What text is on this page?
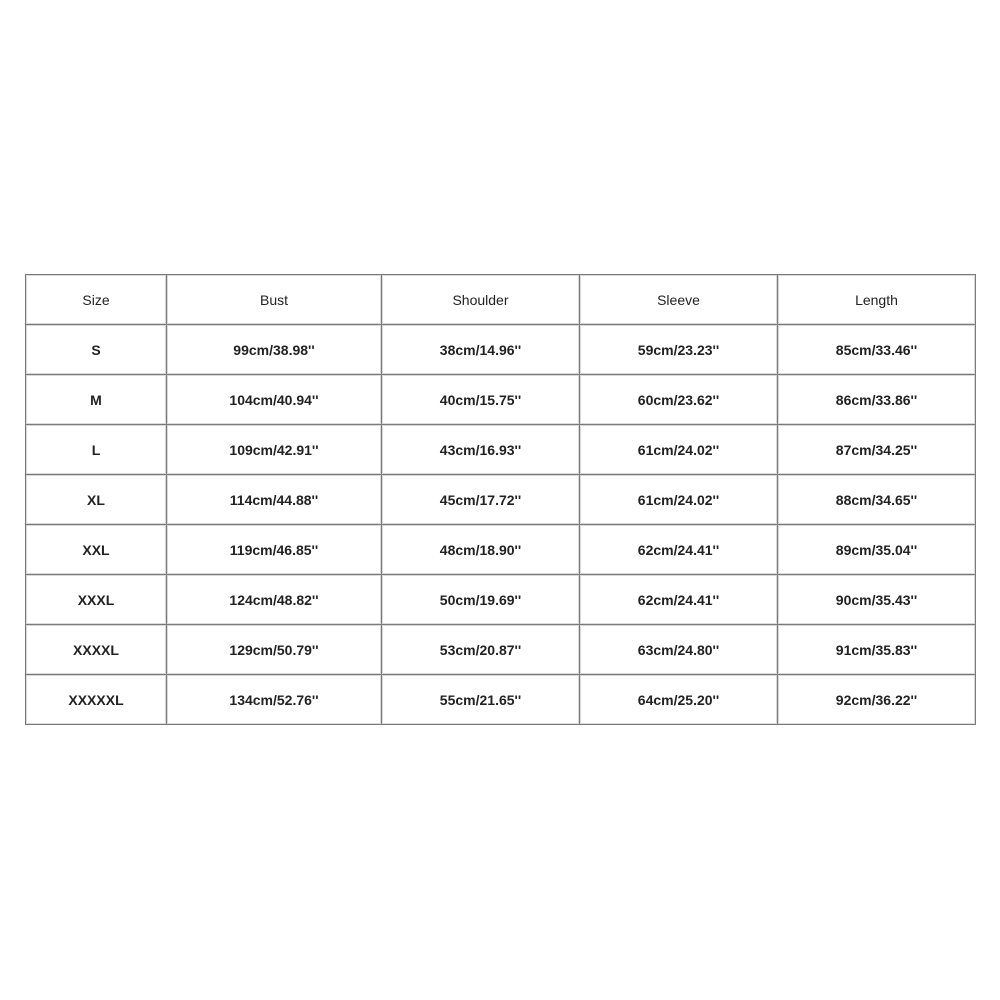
Size	Bust	Shoulder	Sleeve	Length
S	99cm/38.98''	38cm/14.96''	59cm/23.23''	85cm/33.46''
M	104cm/40.94''	40cm/15.75''	60cm/23.62''	86cm/33.86''
L	109cm/42.91''	43cm/16.93''	61cm/24.02''	87cm/34.25''
XL	114cm/44.88''	45cm/17.72''	61cm/24.02''	88cm/34.65''
XXL	119cm/46.85''	48cm/18.90''	62cm/24.41''	89cm/35.04''
XXXL	124cm/48.82''	50cm/19.69''	62cm/24.41''	90cm/35.43''
XXXXL	129cm/50.79''	53cm/20.87''	63cm/24.80''	91cm/35.83''
XXXXXL	134cm/52.76''	55cm/21.65''	64cm/25.20''	92cm/36.22''
